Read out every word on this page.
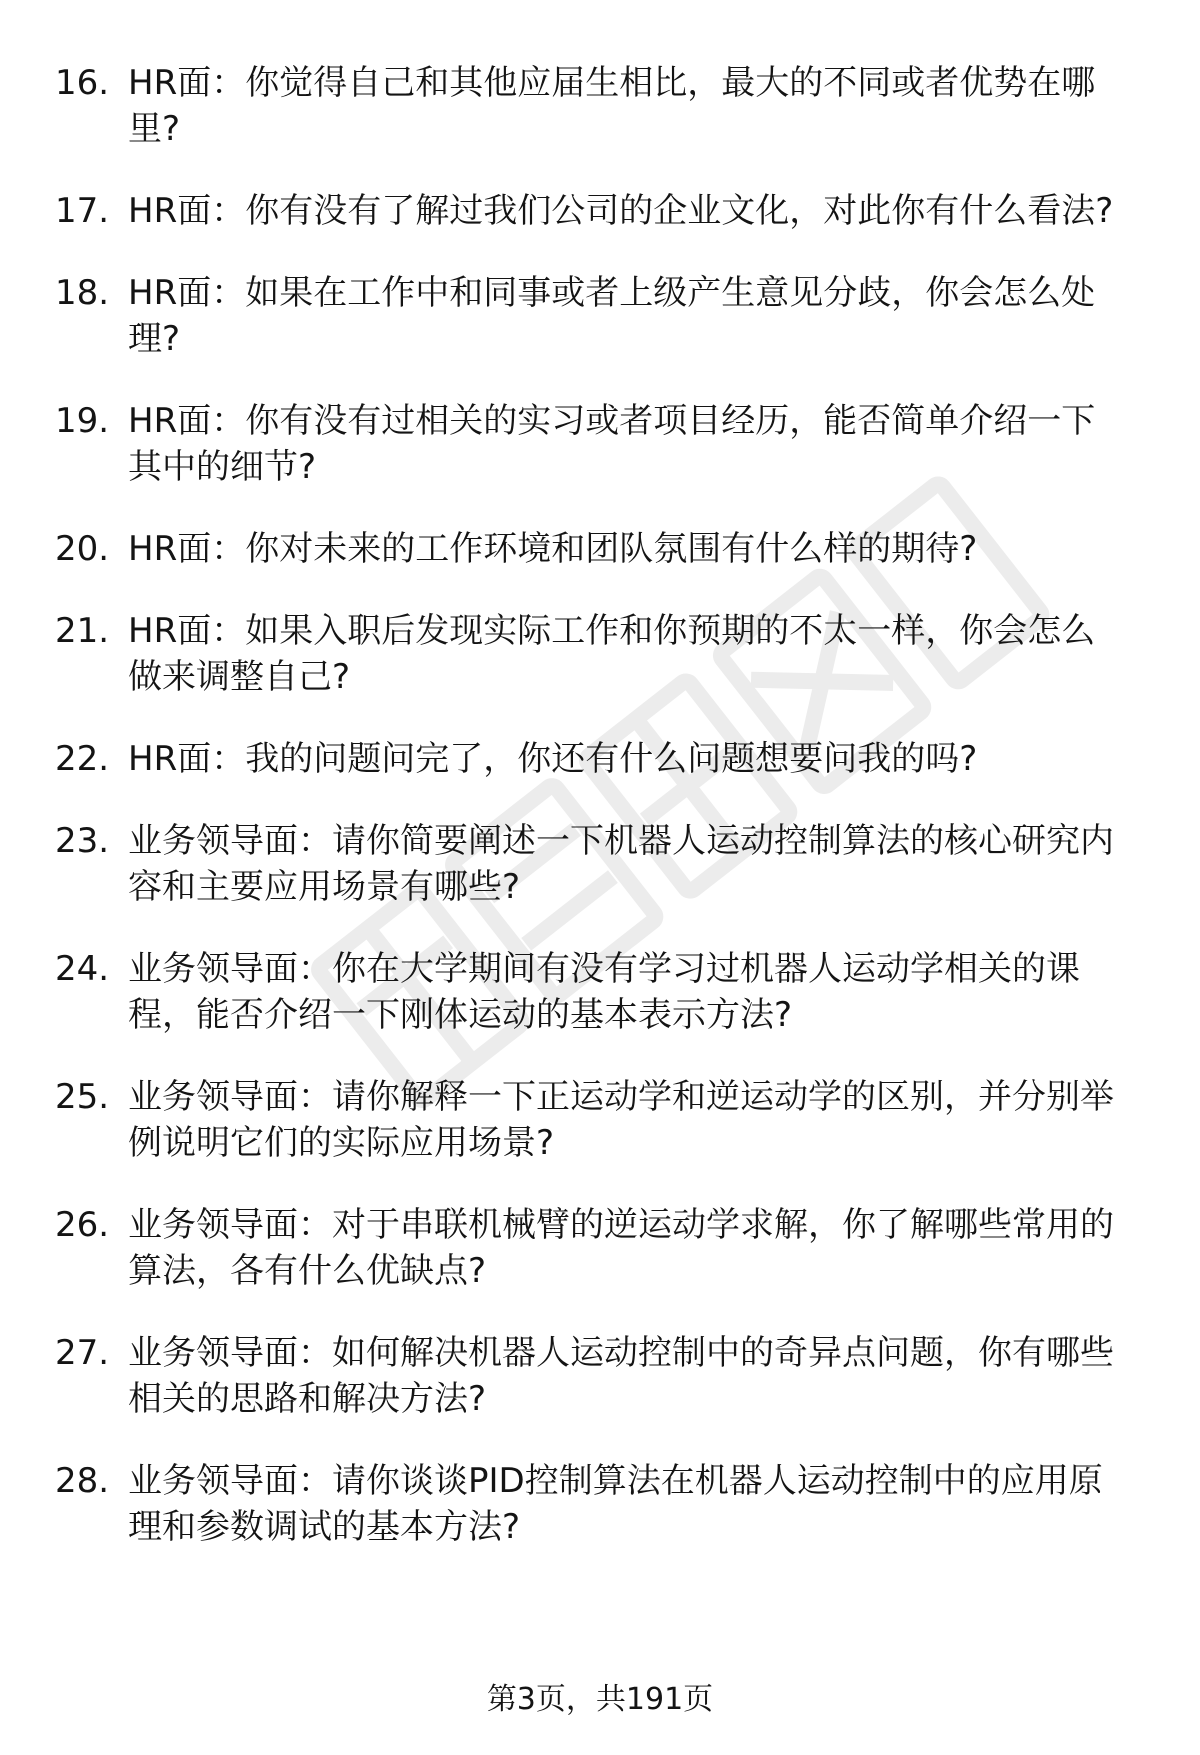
16. HR面：你觉得自己和其他应届生相比，最大的不同或者优势在哪里?
17. HR面：你有没有了解过我们公司的企业文化，对此你有什么看法?
18. HR面：如果在工作中和同事或者上级产生意见分歧，你会怎么处理?
19. HR面：你有没有过相关的实习或者项目经历，能否简单介绍一下其中的细节?
20. HR面：你对未来的工作环境和团队氛围有什么样的期待?
21. HR面：如果入职后发现实际工作和你预期的不太一样，你会怎么做来调整自己?
22. HR面：我的问题问完了，你还有什么问题想要问我的吗?
23. 业务领导面：请你简要阐述一下机器人运动控制算法的核心研究内容和主要应用场景有哪些?
24. 业务领导面：你在大学期间有没有学习过机器人运动学相关的课程，能否介绍一下刚体运动的基本表示方法?
25. 业务领导面：请你解释一下正运动学和逆运动学的区别，并分别举例说明它们的实际应用场景?
26. 业务领导面：对于串联机械臂的逆运动学求解，你了解哪些常用的算法，各有什么优缺点?
27. 业务领导面：如何解决机器人运动控制中的奇异点问题，你有哪些相关的思路和解决方法?
28. 业务领导面：请你谈谈PID控制算法在机器人运动控制中的应用原理和参数调试的基本方法?
第3页，共191页
